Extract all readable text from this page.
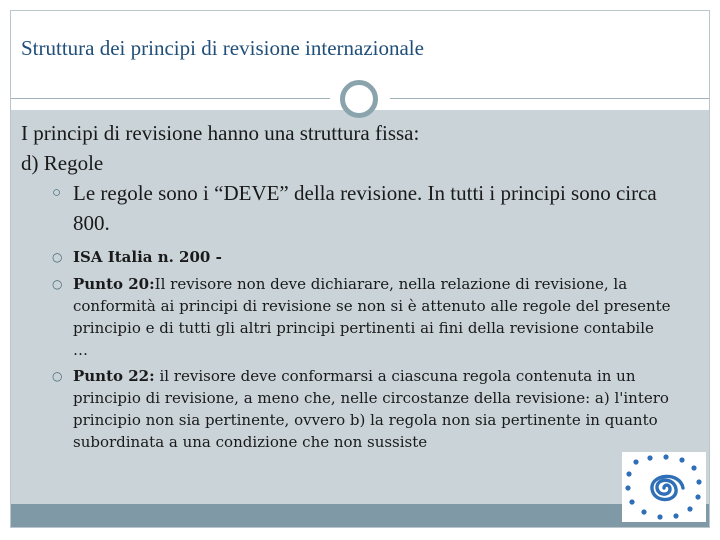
Struttura dei principi di revisione internazionale

I principi di revisione hanno una struttura fissa:

d) Regole

○ Le regole sono i “DEVE” della revisione. In tutti i principi sono circa 800.

○ ISA Italia n. 200 -

○ Punto 20:Il revisore non deve dichiarare, nella relazione di revisione, la conformità ai principi di revisione se non si è attenuto alle regole del presente principio e di tutti gli altri principi pertinenti ai fini della revisione contabile …

○ Punto 22: il revisore deve conformarsi a ciascuna regola contenuta in un principio di revisione, a meno che, nelle circostanze della revisione: a) l'intero principio non sia pertinente, ovvero b) la regola non sia pertinente in quanto subordinata a una condizione che non sussiste
